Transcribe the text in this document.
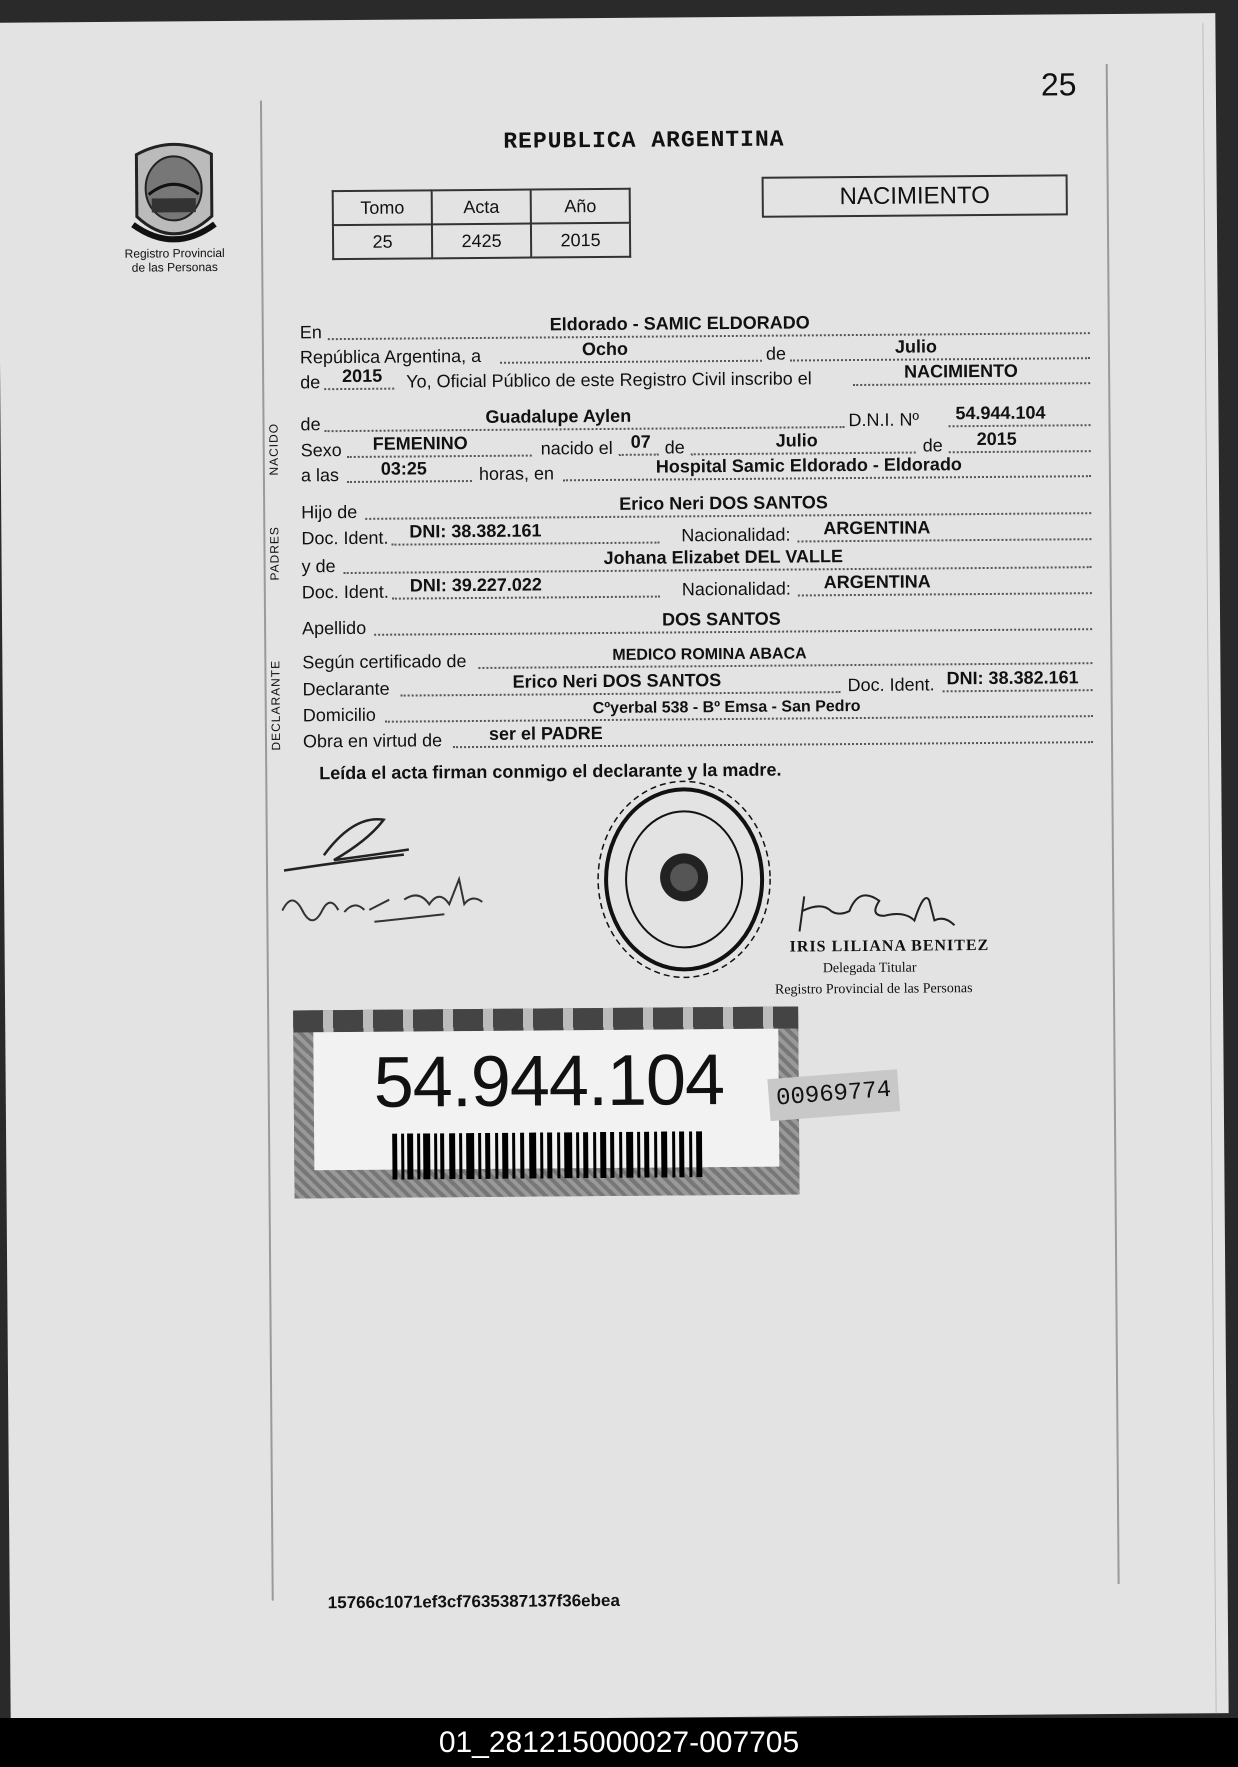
25
Registro Provincial
de las Personas
REPUBLICA ARGENTINA
Tomo	Acta	Año
25	2425	2015
NACIMIENTO
En	Eldorado - SAMIC ELDORADO
República Argentina, a	Ocho	de	Julio
de 2015 Yo, Oficial Público de este Registro Civil inscribo el	NACIMIENTO
NACIDO de	Guadalupe Aylen	D.N.I. Nº 54.944.104
Sexo FEMENINO	nacido el 07 de	Julio	de 2015
a las 03:25	horas, en	Hospital Samic Eldorado - Eldorado
PADRES
Hijo de	Erico Neri DOS SANTOS
Doc. Ident. DNI: 38.382.161	Nacionalidad: ARGENTINA
y de	Johana Elizabet DEL VALLE
Doc. Ident. DNI: 39.227.022	Nacionalidad: ARGENTINA
Apellido	DOS SANTOS
DECLARANTE Según certificado de	MEDICO ROMINA ABACA
Declarante	Erico Neri DOS SANTOS	Doc. Ident. DNI: 38.382.161
Domicilio	Cºyerbal 538 - Bº Emsa - San Pedro
Obra en virtud de	ser el PADRE
Leída el acta firman conmigo el declarante y la madre.
IRIS LILIANA BENITEZ
Delegada Titular
Registro Provincial de las Personas
54.944.104	00969774
15766c1071ef3cf7635387137f36ebea
01_281215000027-007705
